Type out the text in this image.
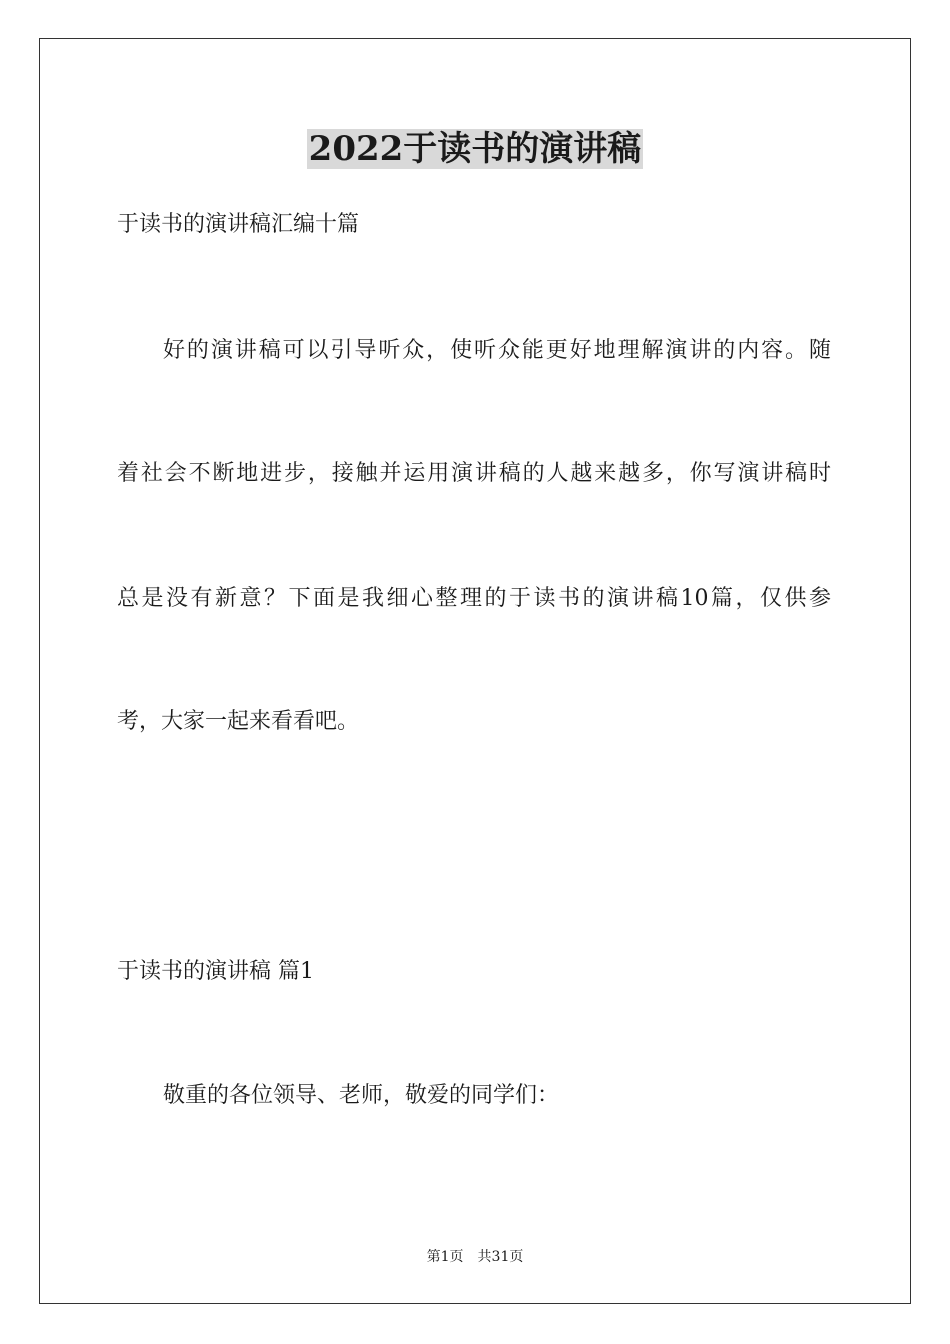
2022于读书的演讲稿

于读书的演讲稿汇编十篇

好的演讲稿可以引导听众，使听众能更好地理解演讲的内容。随

着社会不断地进步，接触并运用演讲稿的人越来越多，你写演讲稿时

总是没有新意？下面是我细心整理的于读书的演讲稿10篇，仅供参

考，大家一起来看看吧。

于读书的演讲稿 篇1

敬重的各位领导、老师，敬爱的同学们：

第1页 共31页
